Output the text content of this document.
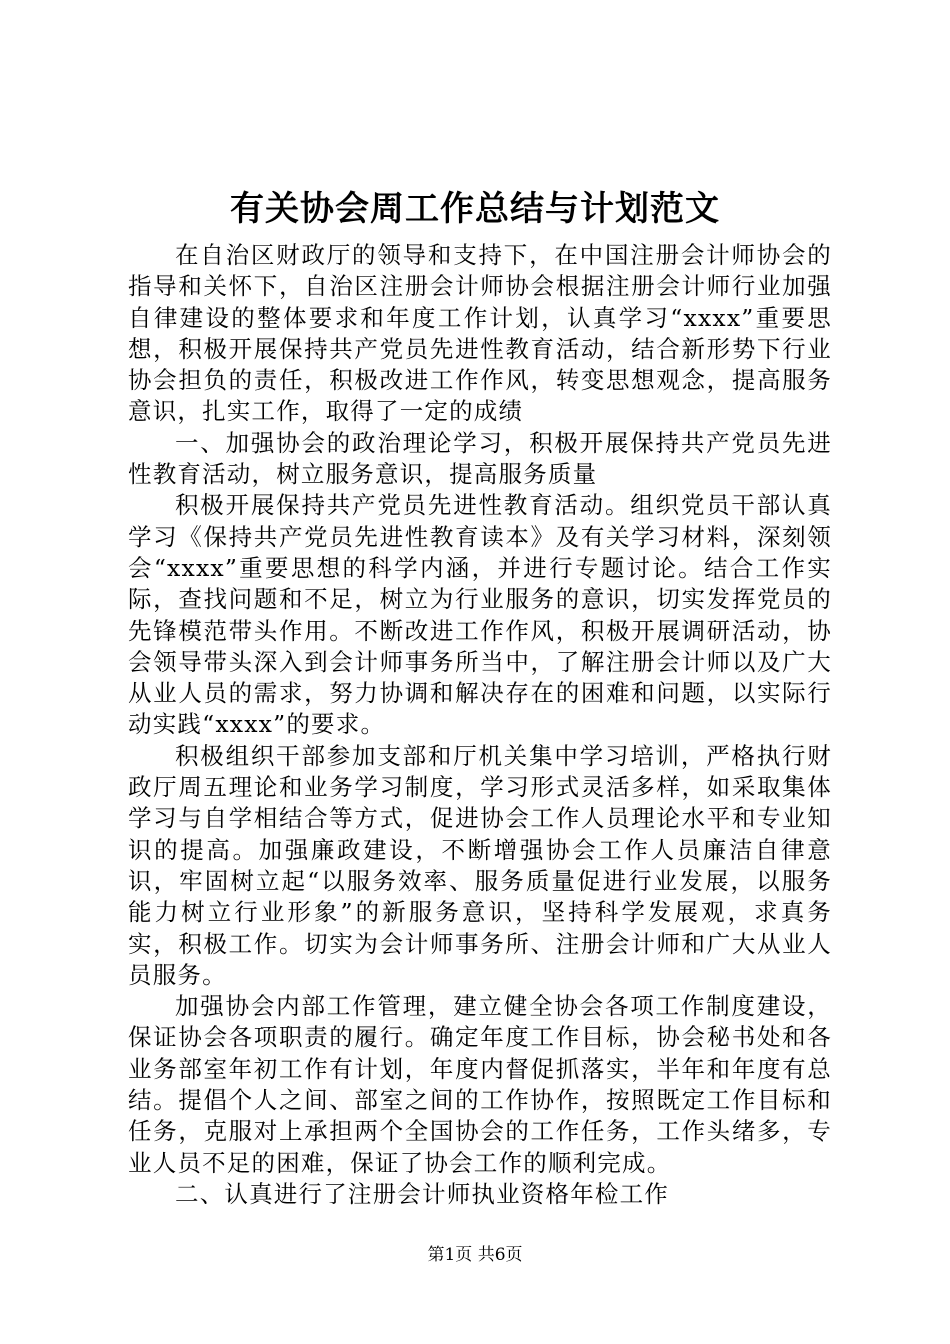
有关协会周工作总结与计划范文

在自治区财政厅的领导和支持下，在中国注册会计师协会的指导和关怀下，自治区注册会计师协会根据注册会计师行业加强自律建设的整体要求和年度工作计划，认真学习“xxxx”重要思想，积极开展保持共产党员先进性教育活动，结合新形势下行业协会担负的责任，积极改进工作作风，转变思想观念，提高服务意识，扎实工作，取得了一定的成绩

一、加强协会的政治理论学习，积极开展保持共产党员先进性教育活动，树立服务意识，提高服务质量

积极开展保持共产党员先进性教育活动。组织党员干部认真学习《保持共产党员先进性教育读本》及有关学习材料，深刻领会“xxxx”重要思想的科学内涵，并进行专题讨论。结合工作实际，查找问题和不足，树立为行业服务的意识，切实发挥党员的先锋模范带头作用。不断改进工作作风，积极开展调研活动，协会领导带头深入到会计师事务所当中，了解注册会计师以及广大从业人员的需求，努力协调和解决存在的困难和问题，以实际行动实践“xxxx”的要求。

积极组织干部参加支部和厅机关集中学习培训，严格执行财政厅周五理论和业务学习制度，学习形式灵活多样，如采取集体学习与自学相结合等方式，促进协会工作人员理论水平和专业知识的提高。加强廉政建设，不断增强协会工作人员廉洁自律意识，牢固树立起“以服务效率、服务质量促进行业发展，以服务能力树立行业形象”的新服务意识，坚持科学发展观，求真务实，积极工作。切实为会计师事务所、注册会计师和广大从业人员服务。

加强协会内部工作管理，建立健全协会各项工作制度建设，保证协会各项职责的履行。确定年度工作目标，协会秘书处和各业务部室年初工作有计划，年度内督促抓落实，半年和年度有总结。提倡个人之间、部室之间的工作协作，按照既定工作目标和任务，克服对上承担两个全国协会的工作任务，工作头绪多，专业人员不足的困难，保证了协会工作的顺利完成。

二、认真进行了注册会计师执业资格年检工作

第1页 共6页
